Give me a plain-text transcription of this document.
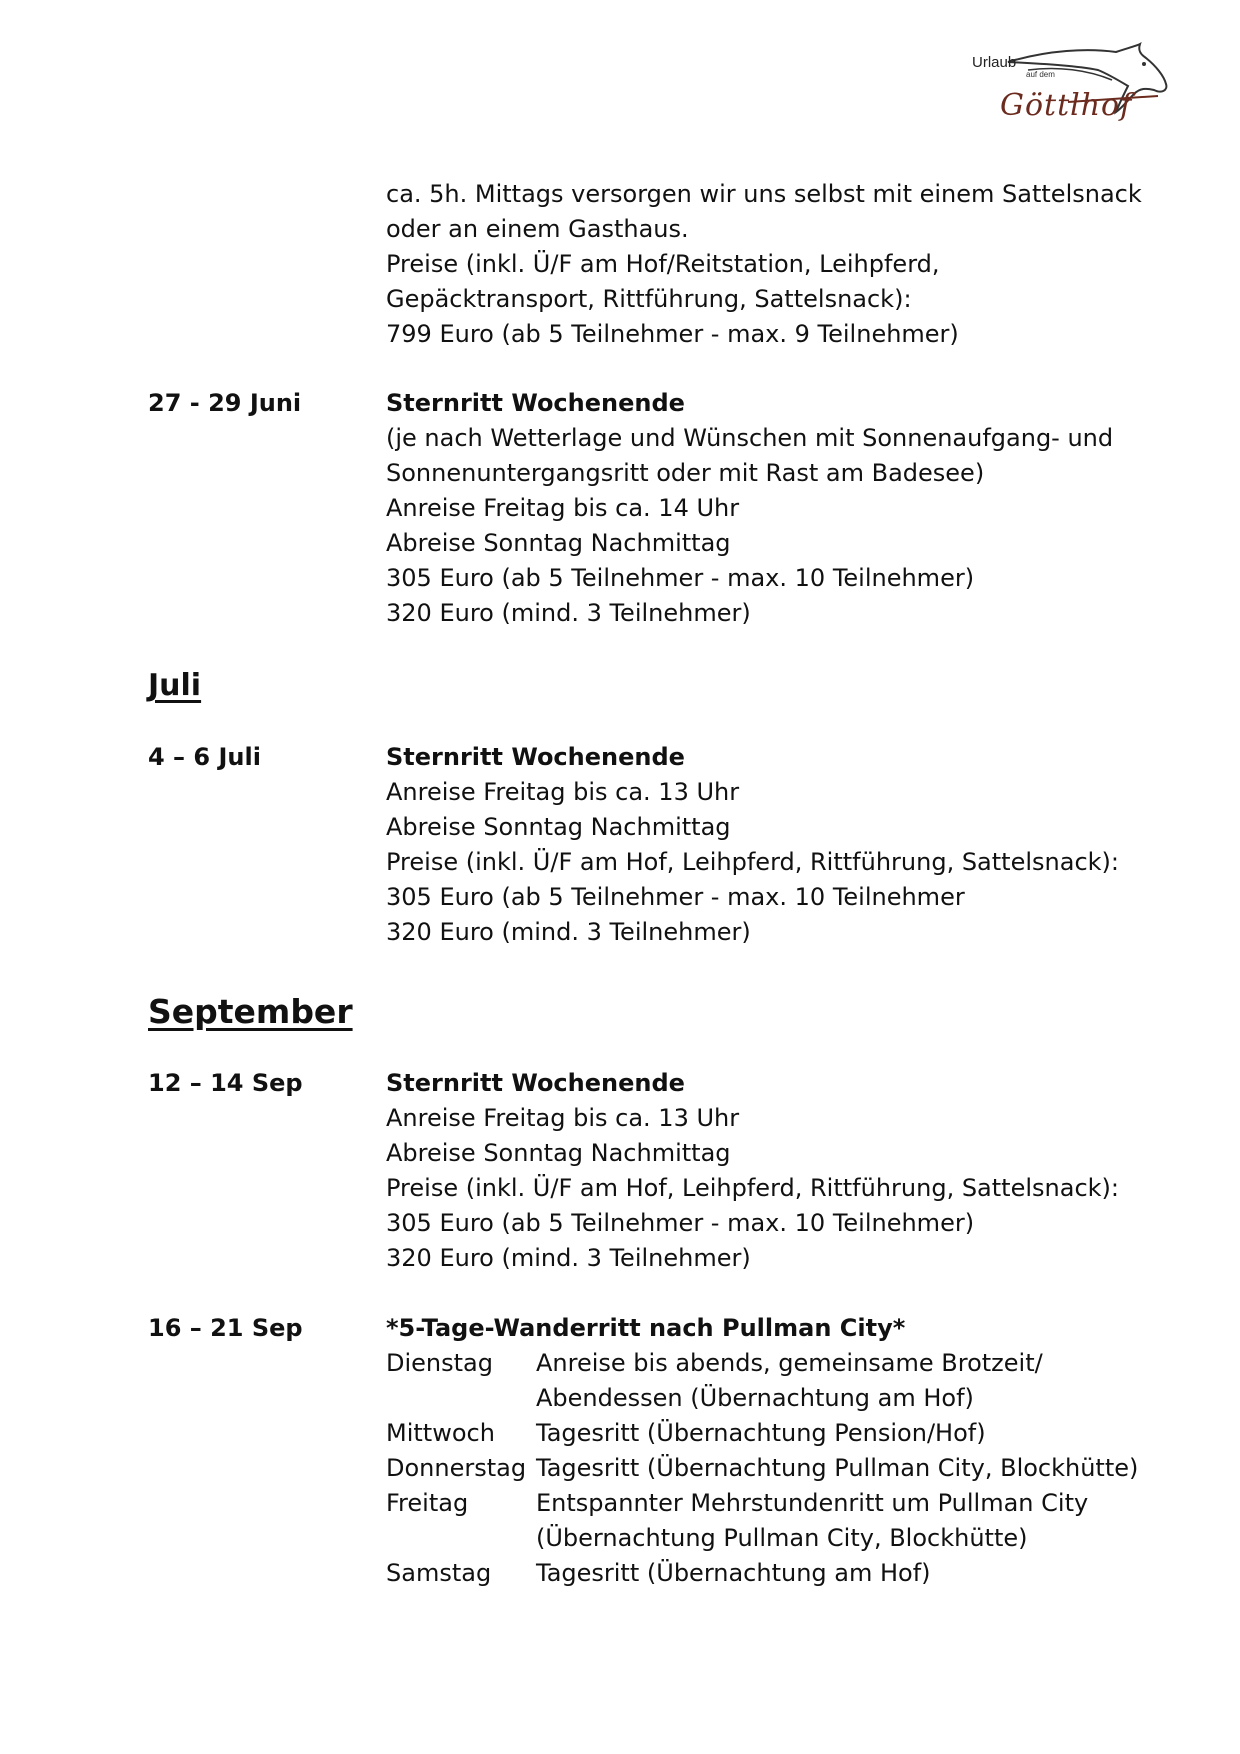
Urlaub
auf dem
Göttlhof
ca. 5h. Mittags versorgen wir uns selbst mit einem Sattelsnack
oder an einem Gasthaus.
Preise (inkl. Ü/F am Hof/Reitstation, Leihpferd,
Gepäcktransport, Rittführung, Sattelsnack):
799 Euro (ab 5 Teilnehmer - max. 9 Teilnehmer)
27 - 29 Juni	Sternritt Wochenende
(je nach Wetterlage und Wünschen mit Sonnenaufgang- und
Sonnenuntergangsritt oder mit Rast am Badesee)
Anreise Freitag bis ca. 14 Uhr
Abreise Sonntag Nachmittag
305 Euro (ab 5 Teilnehmer - max. 10 Teilnehmer)
320 Euro (mind. 3 Teilnehmer)
Juli
4 – 6 Juli	Sternritt Wochenende
Anreise Freitag bis ca. 13 Uhr
Abreise Sonntag Nachmittag
Preise (inkl. Ü/F am Hof, Leihpferd, Rittführung, Sattelsnack):
305 Euro (ab 5 Teilnehmer - max. 10 Teilnehmer
320 Euro (mind. 3 Teilnehmer)
September
12 – 14 Sep	Sternritt Wochenende
Anreise Freitag bis ca. 13 Uhr
Abreise Sonntag Nachmittag
Preise (inkl. Ü/F am Hof, Leihpferd, Rittführung, Sattelsnack):
305 Euro (ab 5 Teilnehmer - max. 10 Teilnehmer)
320 Euro (mind. 3 Teilnehmer)
16 – 21 Sep	*5-Tage-Wanderritt nach Pullman City*
Dienstag Anreise bis abends, gemeinsame Brotzeit/
Abendessen (Übernachtung am Hof)
Mittwoch Tagesritt (Übernachtung Pension/Hof)
Donnerstag Tagesritt (Übernachtung Pullman City, Blockhütte)
Freitag	Entspannter Mehrstundenritt um Pullman City
(Übernachtung Pullman City, Blockhütte)
Samstag Tagesritt (Übernachtung am Hof)
